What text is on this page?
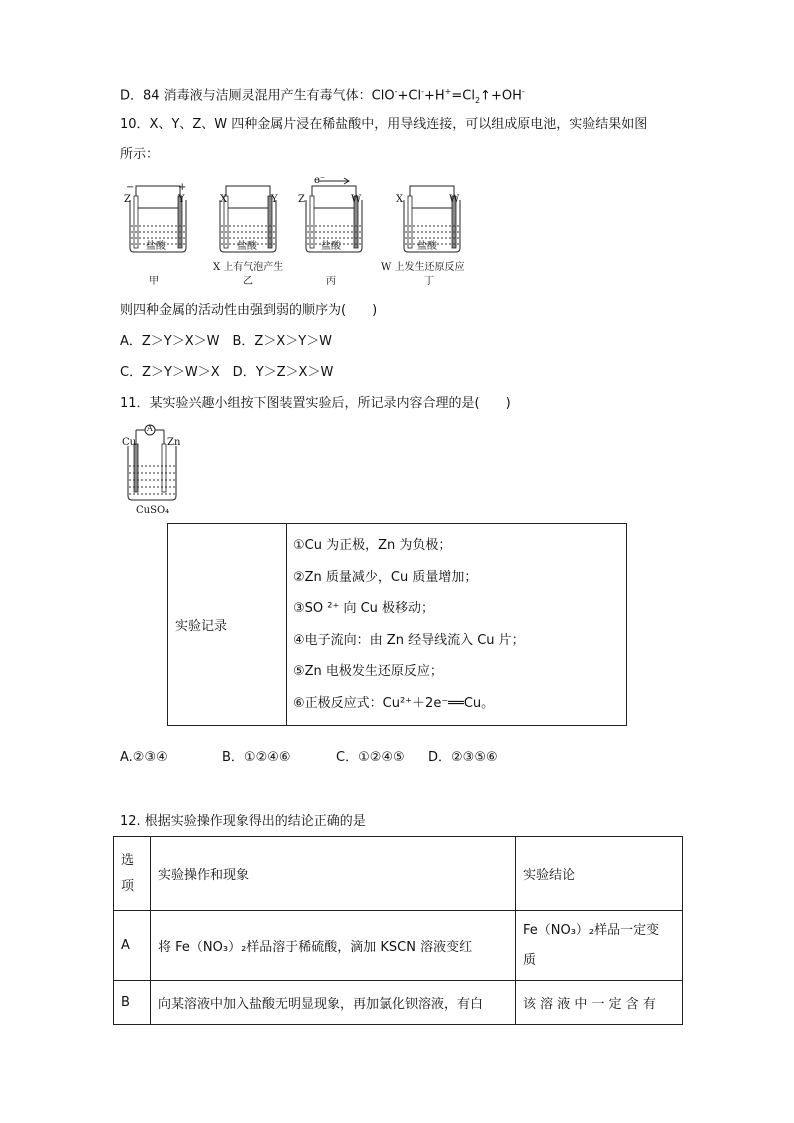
D．84 消毒液与洁厕灵混用产生有毒气体：$ClO^-+Cl^-+H^+=Cl_2↑+OH^-$
10．X、Y、Z、W 四种金属片浸在稀盐酸中，用导线连接，可以组成原电池，实验结果如图
所示：
−	+
Z	Y
盐酸
甲
X	Y
盐酸
X 上有气泡产生
乙
e⁻
Z	W
盐酸
丙
X	W
盐酸
W 上发生还原反应
丁
则四种金属的活动性由强到弱的顺序为(　　)
A．Z＞Y＞X＞W　B．Z＞X＞Y＞W
C．Z＞Y＞W＞X　D．Y＞Z＞X＞W
11．某实验兴趣小组按下图装置实验后，所记录内容合理的是(　　)
A
Cu	Zn
CuSO₄
实验记录	
①Cu 为正极，Zn 为负极；
②Zn 质量减少，Cu 质量增加；
③SO ²⁺ 向 Cu 极移动；
④电子流向：由 Zn 经导线流入 Cu 片；
⑤Zn 电极发生还原反应；
⑥正极反应式：Cu²⁺＋2e⁻══Cu。
A.②③④	B．①②④⑥	C．①②④⑤ D．②③⑤⑥
12. 根据实验操作现象得出的结论正确的是
选
项	实验操作和现象	实验结论
A	将 Fe（NO₃）₂样品溶于稀硫酸，滴加 KSCN 溶液变红	Fe（NO₃）₂样品一定变
质

B	向某溶液中加入盐酸无明显现象，再加氯化钡溶液，有白	该 溶 液 中 一 定 含 有
